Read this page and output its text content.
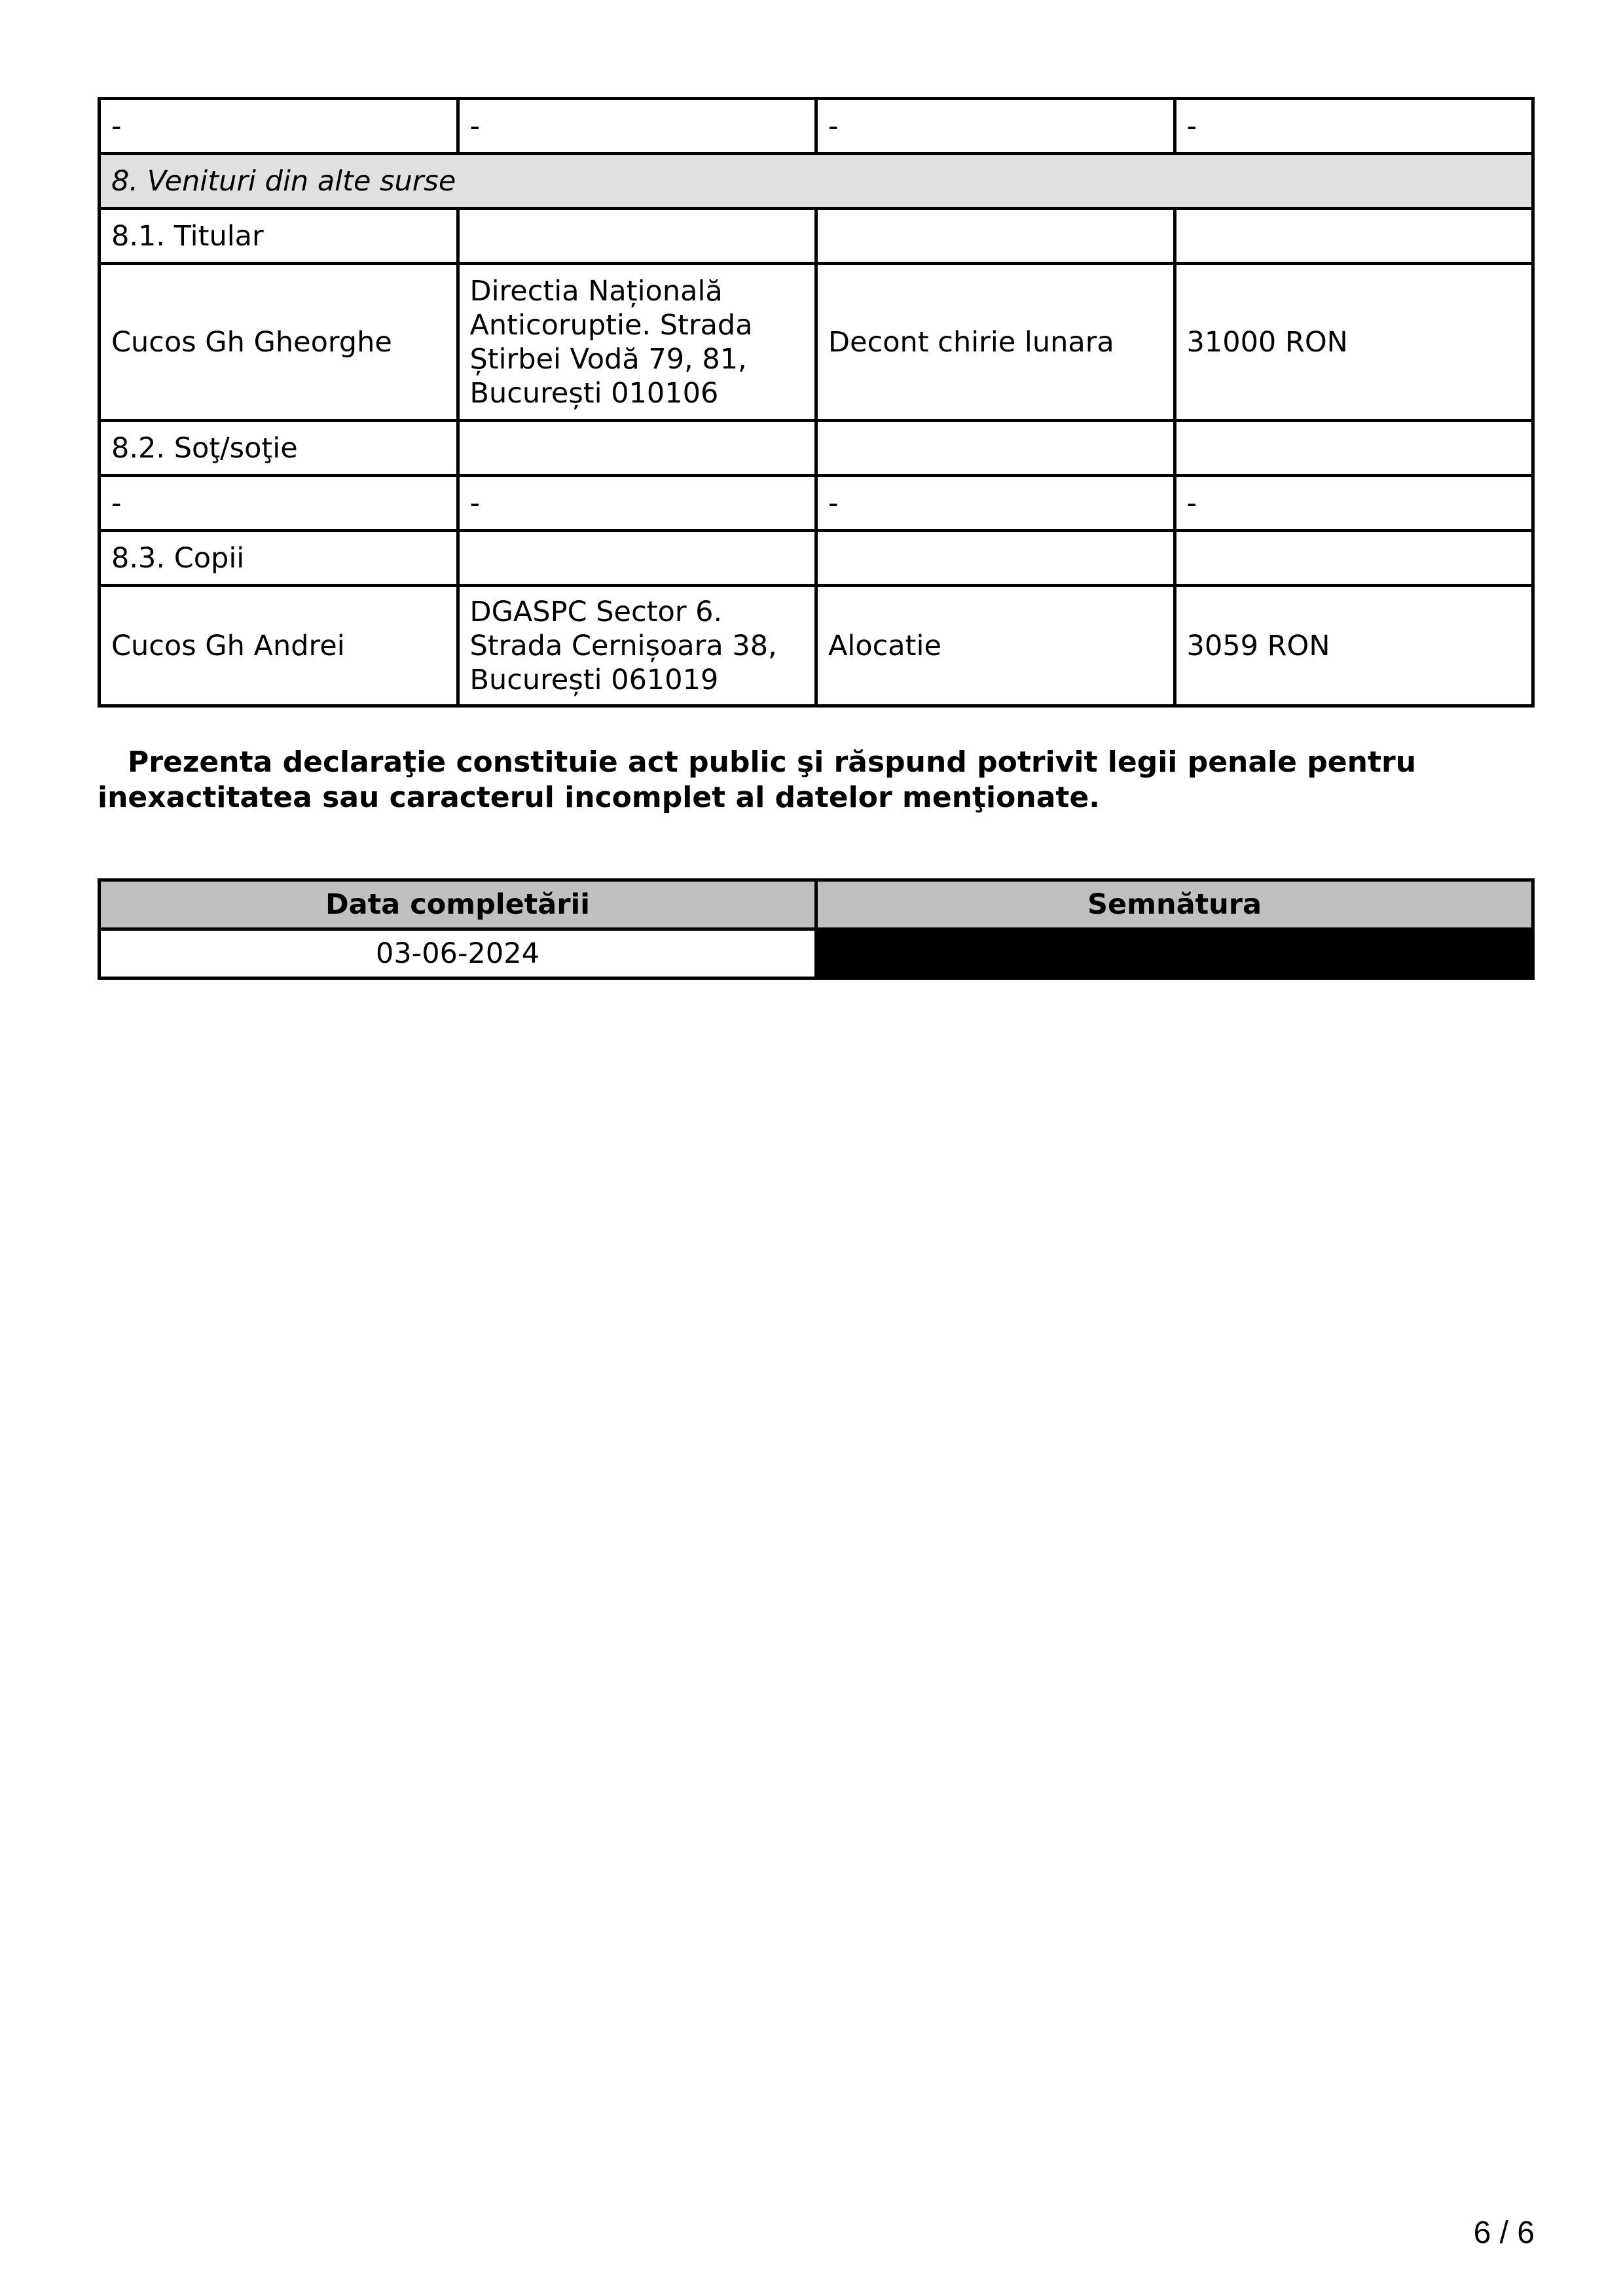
-	-	-	-
8. Venituri din alte surse			
8.1. Titular			
Cucos Gh Gheorghe	Directia Națională Anticoruptie. Strada Știrbei Vodă 79, 81, București 010106	Decont chirie lunara	31000 RON
8.2. Soţ/soţie			
-	-	-	-
8.3. Copii			
Cucos Gh Andrei	DGASPC Sector 6. Strada Cernișoara 38, București 061019	Alocatie	3059 RON

Prezenta declaraţie constituie act public şi răspund potrivit legii penale pentru inexactitatea sau caracterul incomplet al datelor menţionate.

Data completării	Semnătura
03-06-2024	
6 / 6
